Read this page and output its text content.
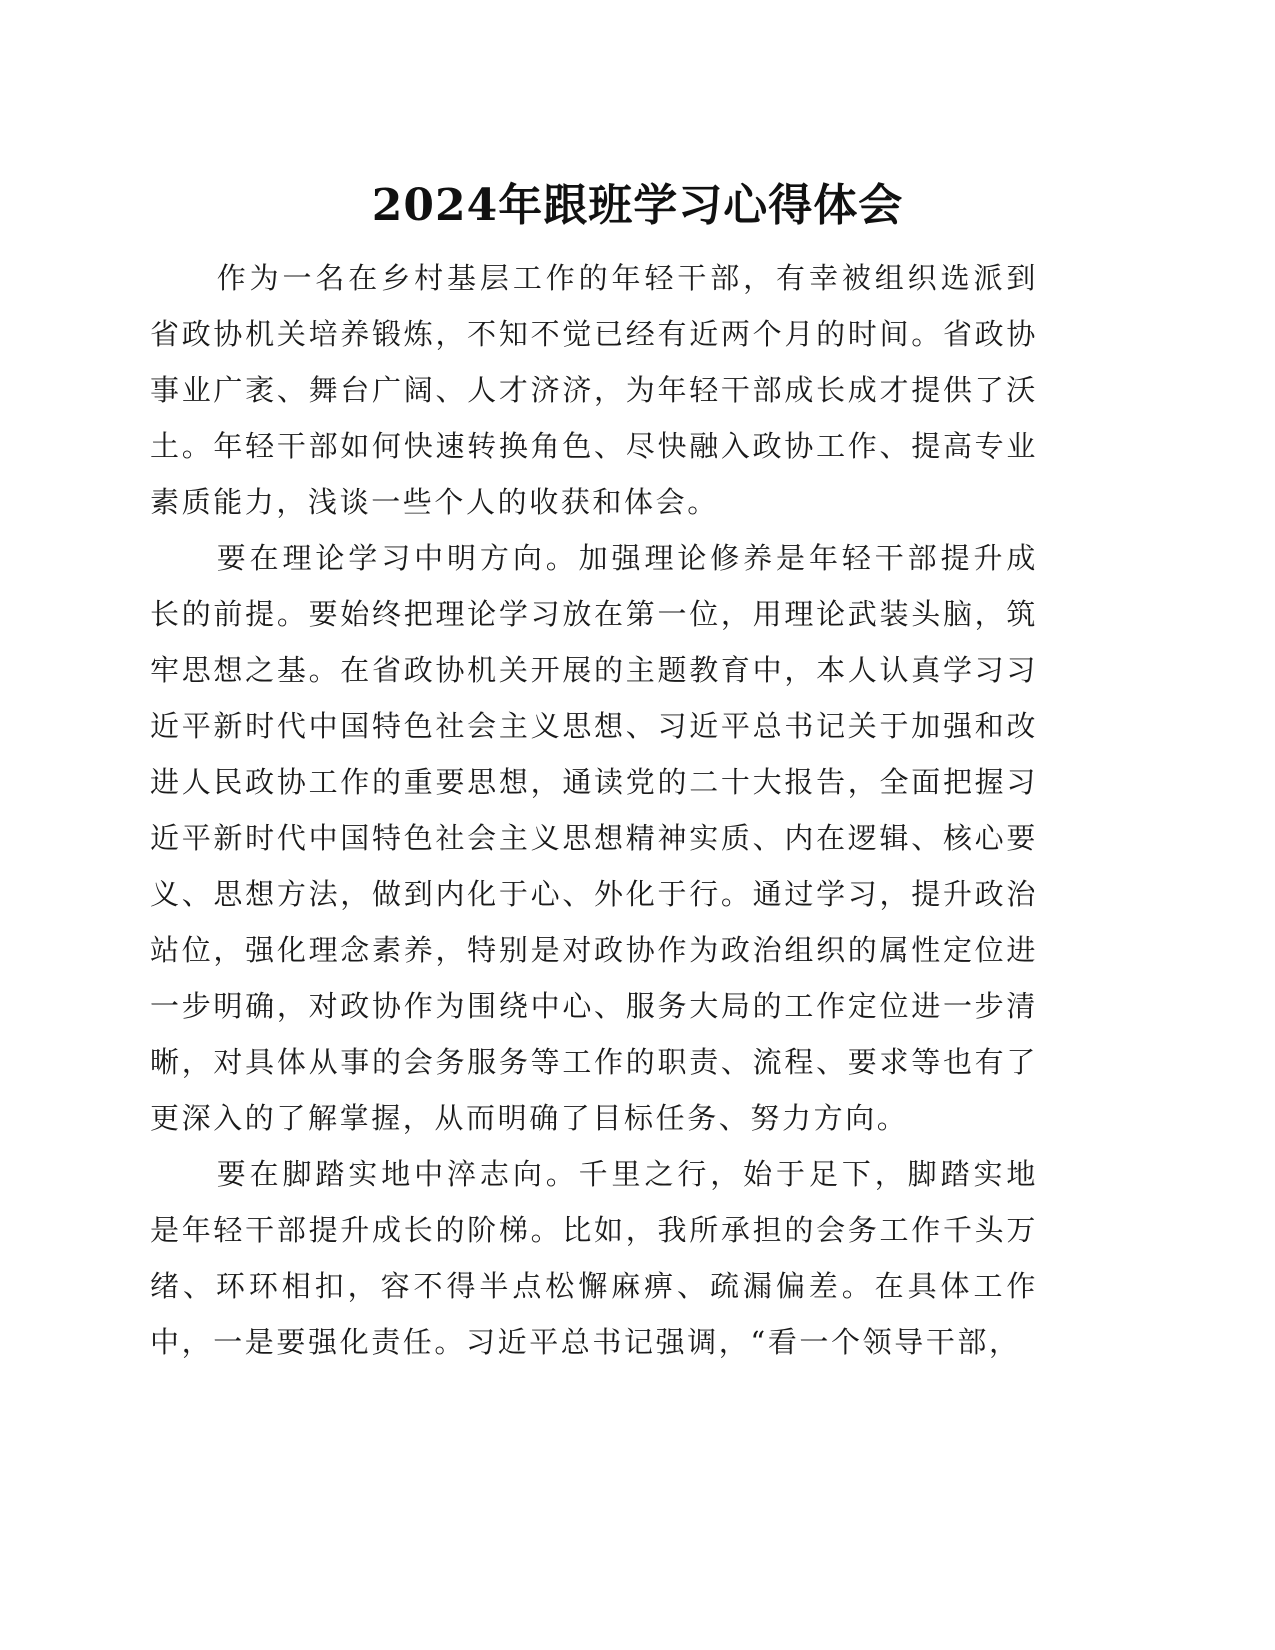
2024年跟班学习心得体会

作为一名在乡村基层工作的年轻干部，有幸被组织选派到省政协机关培养锻炼，不知不觉已经有近两个月的时间。省政协事业广袤、舞台广阔、人才济济，为年轻干部成长成才提供了沃土。年轻干部如何快速转换角色、尽快融入政协工作、提高专业素质能力，浅谈一些个人的收获和体会。

要在理论学习中明方向。加强理论修养是年轻干部提升成长的前提。要始终把理论学习放在第一位，用理论武装头脑，筑牢思想之基。在省政协机关开展的主题教育中，本人认真学习习近平新时代中国特色社会主义思想、习近平总书记关于加强和改进人民政协工作的重要思想，通读党的二十大报告，全面把握习近平新时代中国特色社会主义思想精神实质、内在逻辑、核心要义、思想方法，做到内化于心、外化于行。通过学习，提升政治站位，强化理念素养，特别是对政协作为政治组织的属性定位进一步明确，对政协作为围绕中心、服务大局的工作定位进一步清晰，对具体从事的会务服务等工作的职责、流程、要求等也有了更深入的了解掌握，从而明确了目标任务、努力方向。

要在脚踏实地中淬志向。千里之行，始于足下，脚踏实地是年轻干部提升成长的阶梯。比如，我所承担的会务工作千头万绪、环环相扣，容不得半点松懈麻痹、疏漏偏差。在具体工作中，一是要强化责任。习近平总书记强调，“看一个领导干部，
